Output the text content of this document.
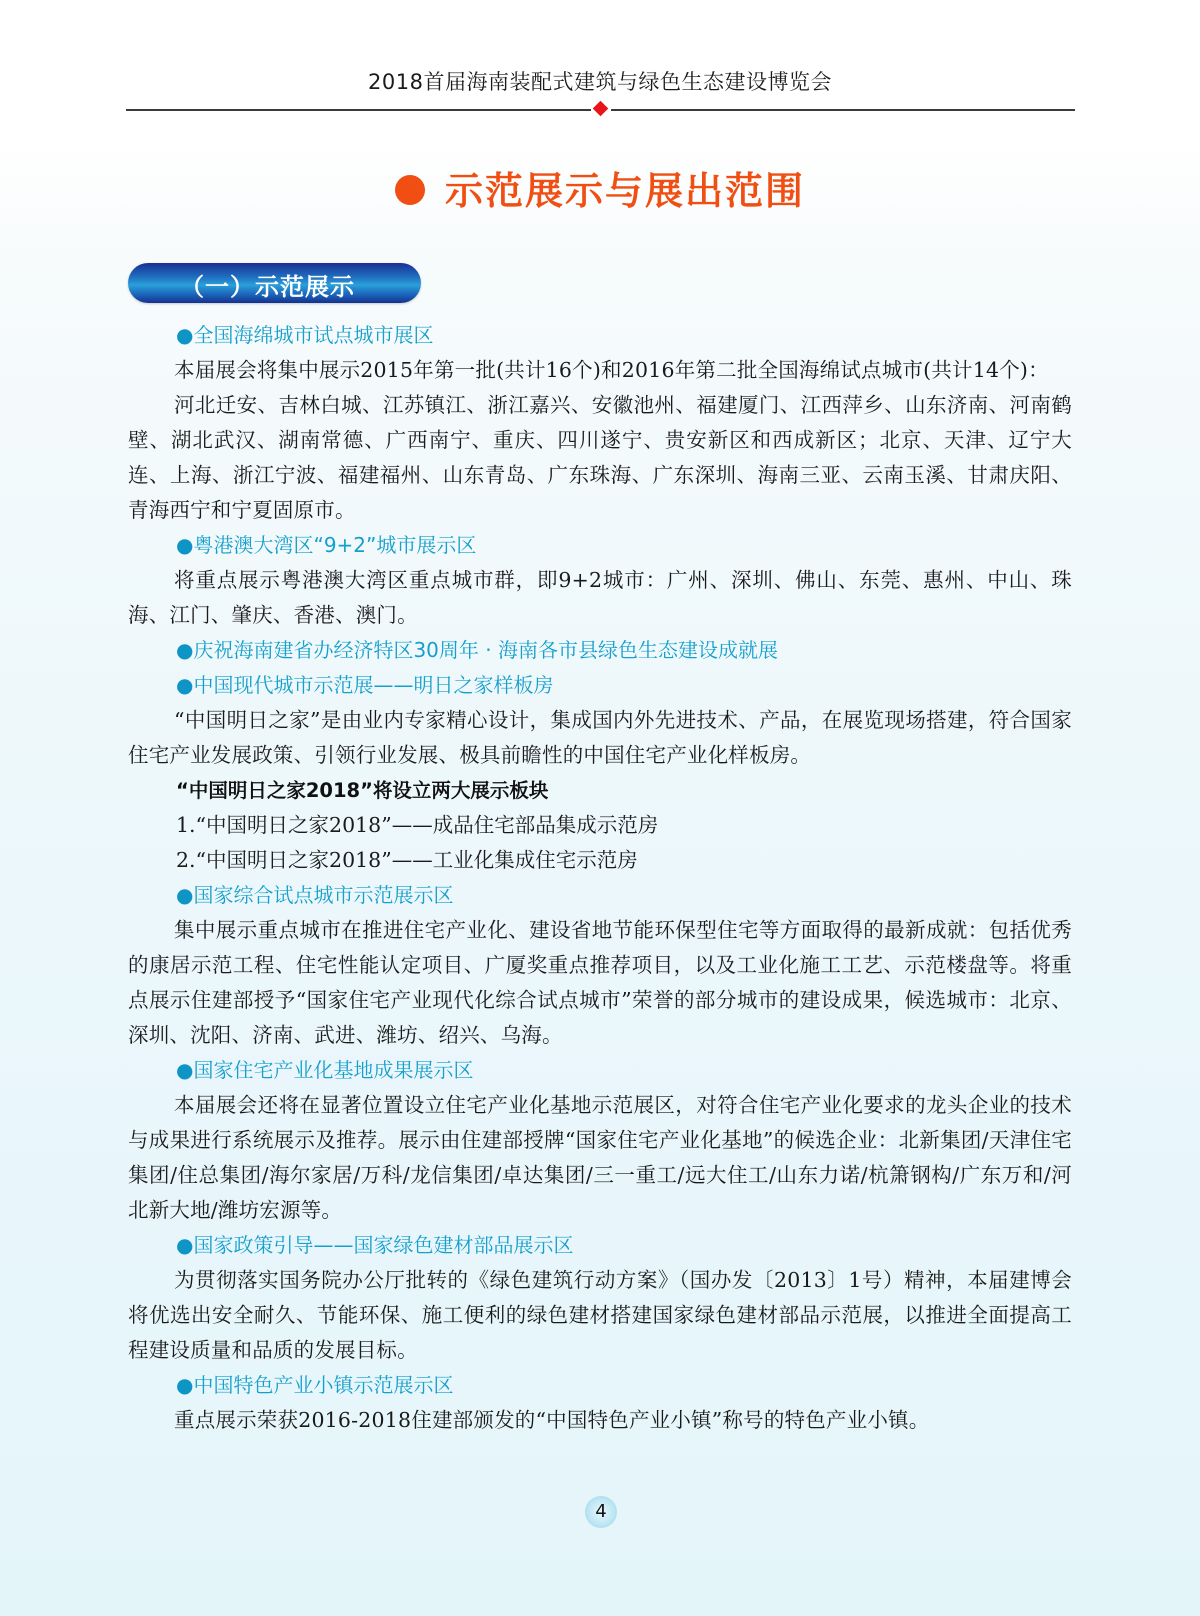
2018首届海南装配式建筑与绿色生态建设博览会
示范展示与展出范围
（一）示范展示
●全国海绵城市试点城市展区
本届展会将集中展示2015年第一批(共计16个)和2016年第二批全国海绵试点城市(共计14个)：
河北迁安、吉林白城、江苏镇江、浙江嘉兴、安徽池州、福建厦门、江西萍乡、山东济南、河南鹤壁、湖北武汉、湖南常德、广西南宁、重庆、四川遂宁、贵安新区和西成新区；北京、天津、辽宁大连、上海、浙江宁波、福建福州、山东青岛、广东珠海、广东深圳、海南三亚、云南玉溪、甘肃庆阳、青海西宁和宁夏固原市。
●粤港澳大湾区“9+2”城市展示区
将重点展示粤港澳大湾区重点城市群，即9+2城市：广州、深圳、佛山、东莞、惠州、中山、珠海、江门、肇庆、香港、澳门。
●庆祝海南建省办经济特区30周年 · 海南各市县绿色生态建设成就展
●中国现代城市示范展——明日之家样板房
“中国明日之家”是由业内专家精心设计，集成国内外先进技术、产品，在展览现场搭建，符合国家住宅产业发展政策、引领行业发展、极具前瞻性的中国住宅产业化样板房。
“中国明日之家2018”将设立两大展示板块
1.“中国明日之家2018”——成品住宅部品集成示范房
2.“中国明日之家2018”——工业化集成住宅示范房
●国家综合试点城市示范展示区
集中展示重点城市在推进住宅产业化、建设省地节能环保型住宅等方面取得的最新成就：包括优秀的康居示范工程、住宅性能认定项目、广厦奖重点推荐项目，以及工业化施工工艺、示范楼盘等。将重点展示住建部授予“国家住宅产业现代化综合试点城市”荣誉的部分城市的建设成果，候选城市：北京、深圳、沈阳、济南、武进、潍坊、绍兴、乌海。
●国家住宅产业化基地成果展示区
本届展会还将在显著位置设立住宅产业化基地示范展区，对符合住宅产业化要求的龙头企业的技术与成果进行系统展示及推荐。展示由住建部授牌“国家住宅产业化基地”的候选企业：北新集团/天津住宅集团/住总集团/海尔家居/万科/龙信集团/卓达集团/三一重工/远大住工/山东力诺/杭箫钢构/广东万和/河北新大地/潍坊宏源等。
●国家政策引导——国家绿色建材部品展示区
为贯彻落实国务院办公厅批转的《绿色建筑行动方案》（国办发〔2013〕1号）精神，本届建博会将优选出安全耐久、节能环保、施工便利的绿色建材搭建国家绿色建材部品示范展，以推进全面提高工程建设质量和品质的发展目标。
●中国特色产业小镇示范展示区
重点展示荣获2016-2018住建部颁发的“中国特色产业小镇”称号的特色产业小镇。
4
